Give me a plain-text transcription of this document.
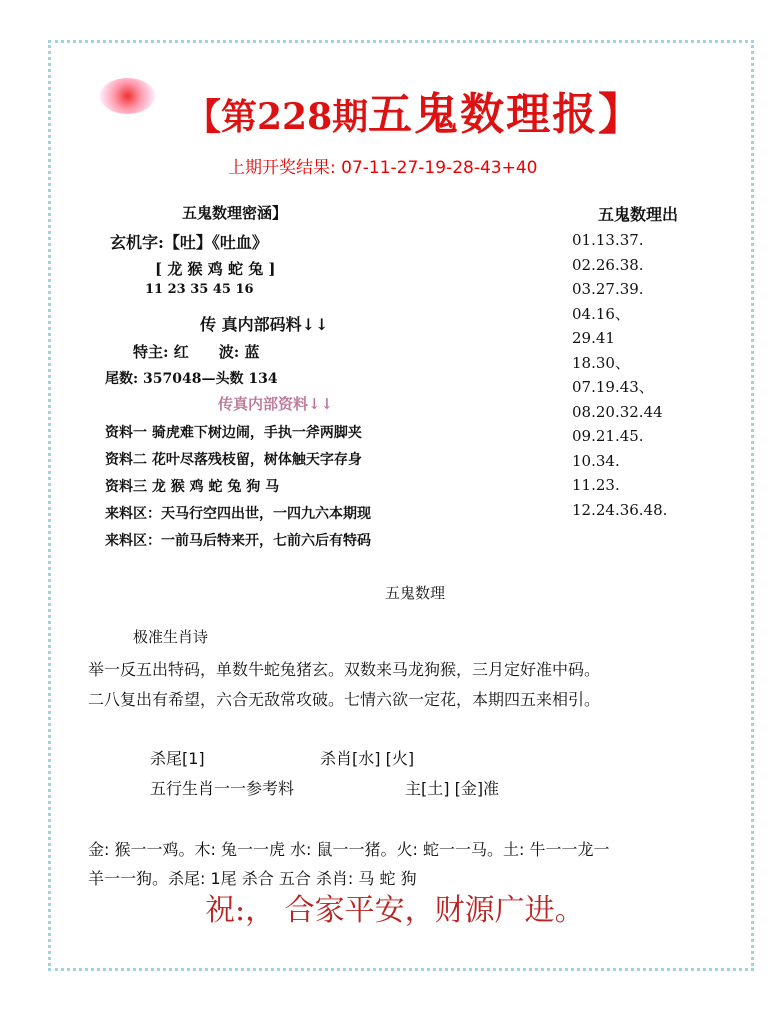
【第228期五鬼数理报】
上期开奖结果: 07-11-27-19-28-43+40
五鬼数理密涵】
玄机字:【吐】《吐血》
[ 龙 猴 鸡 蛇 兔 ]
11 23 35 45 16
传 真内部码料↓↓
特主: 红　　波: 蓝
尾数: 357048—头数 134
传真内部资料↓↓
资料一 骑虎难下树边闹，手执一斧两脚夹
资料二 花叶尽落残枝留，树体触天字存身
资料三 龙 猴 鸡 蛇 兔 狗 马
来料区：天马行空四出世，一四九六本期现
来料区：一前马后特来开，七前六后有特码
五鬼数理出
01.13.37.
02.26.38.
03.27.39.
04.16、
29.41
18.30、
07.19.43、
08.20.32.44
09.21.45.
10.34.
11.23.
12.24.36.48.
五鬼数理
极准生肖诗
举一反五出特码，单数牛蛇兔猪玄。双数来马龙狗猴，三月定好准中码。
二八复出有希望，六合无敌常攻破。七情六欲一定花，本期四五来相引。
杀尾[1]	杀肖[水] [火]
五行生肖一一参考料	主[土] [金]准
金: 猴一一鸡。木: 兔一一虎 水: 鼠一一猪。火: 蛇一一马。土: 牛一一龙一
羊一一狗。杀尾: 1尾 杀合 五合 杀肖: 马 蛇 狗
祝:， 合家平安，财源广进。
